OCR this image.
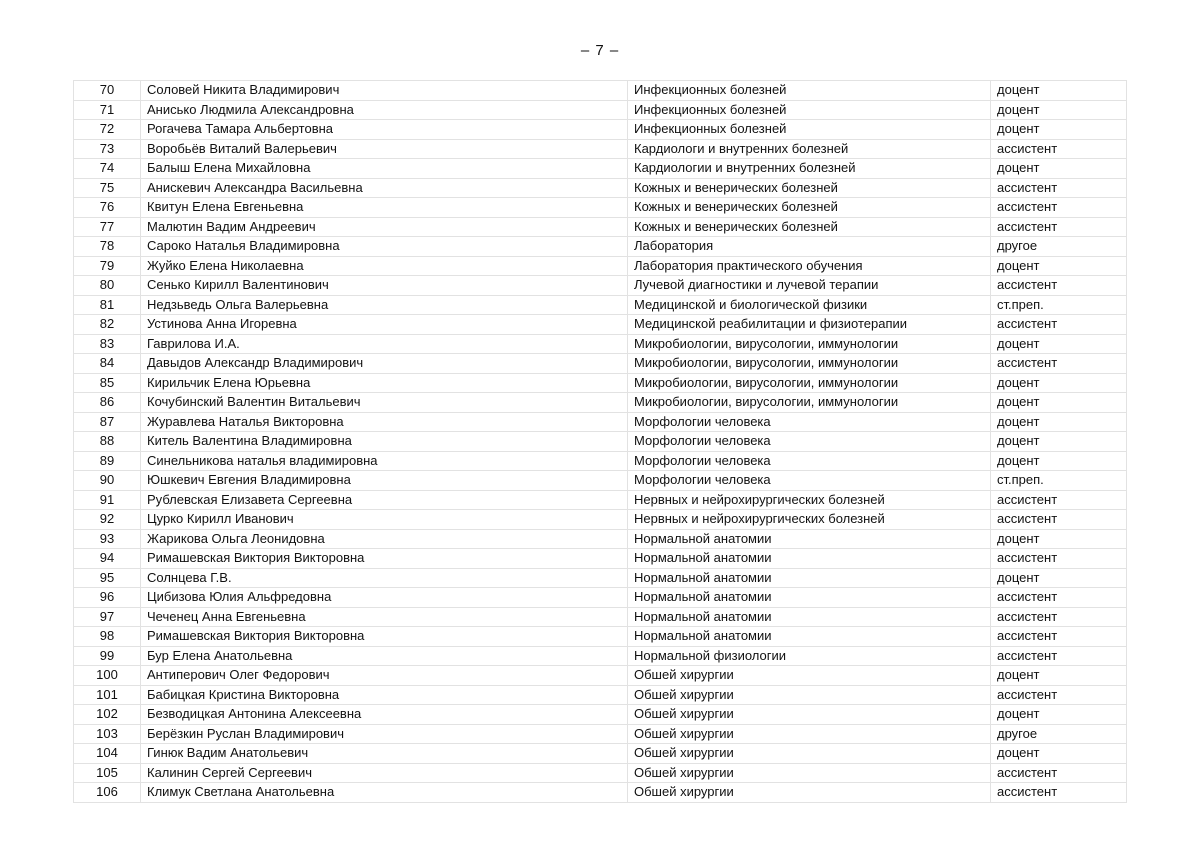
– 7 –
70	Соловей Никита Владимирович	Инфекционных болезней	доцент
71	Анисько Людмила Александровна	Инфекционных болезней	доцент
72	Рогачева Тамара Альбертовна	Инфекционных болезней	доцент
73	Воробьёв Виталий Валерьевич	Кардиологи и внутренних болезней	ассистент
74	Балыш Елена Михайловна	Кардиологии и внутренних болезней	доцент
75	Анискевич Александра Васильевна	Кожных и венерических болезней	ассистент
76	Квитун Елена Евгеньевна	Кожных и венерических болезней	ассистент
77	Малютин Вадим Андреевич	Кожных и венерических болезней	ассистент
78	Сароко Наталья Владимировна	Лаборатория	другое
79	Жуйко Елена Николаевна	Лаборатория практического обучения	доцент
80	Сенько Кирилл Валентинович	Лучевой диагностики и лучевой терапии	ассистент
81	Недзьведь Ольга Валерьевна	Медицинской и биологической физики	ст.преп.
82	Устинова Анна Игоревна	Медицинской реабилитации и физиотерапии	ассистент
83	Гаврилова И.А.	Микробиологии, вирусологии, иммунологии	доцент
84	Давыдов Александр Владимирович	Микробиологии, вирусологии, иммунологии	ассистент
85	Кирильчик Елена Юрьевна	Микробиологии, вирусологии, иммунологии	доцент
86	Кочубинский Валентин Витальевич	Микробиологии, вирусологии, иммунологии	доцент
87	Журавлева Наталья Викторовна	Морфологии человека	доцент
88	Китель Валентина Владимировна	Морфологии человека	доцент
89	Синельникова наталья владимировна	Морфологии человека	доцент
90	Юшкевич Евгения Владимировна	Морфологии человека	ст.преп.
91	Рублевская Елизавета Сергеевна	Нервных и нейрохирургических болезней	ассистент
92	Цурко Кирилл Иванович	Нервных и нейрохирургических болезней	ассистент
93	Жарикова Ольга Леонидовна	Нормальной анатомии	доцент
94	Римашевская Виктория Викторовна	Нормальной анатомии	ассистент
95	Солнцева Г.В.	Нормальной анатомии	доцент
96	Цибизова Юлия Альфредовна	Нормальной анатомии	ассистент
97	Чеченец Анна Евгеньевна	Нормальной анатомии	ассистент
98	Римашевская Виктория Викторовна	Нормальной анатомии	ассистент
99	Бур Елена Анатольевна	Нормальной физиологии	ассистент
100	Антиперович Олег Федорович	Обшей хирургии	доцент
101	Бабицкая Кристина Викторовна	Обшей хирургии	ассистент
102	Безводицкая Антонина Алексеевна	Обшей хирургии	доцент
103	Берёзкин Руслан Владимирович	Обшей хирургии	другое
104	Гинюк Вадим Анатольевич	Обшей хирургии	доцент
105	Калинин Сергей Сергеевич	Обшей хирургии	ассистент
106	Климук Светлана Анатольевна	Обшей хирургии	ассистент
